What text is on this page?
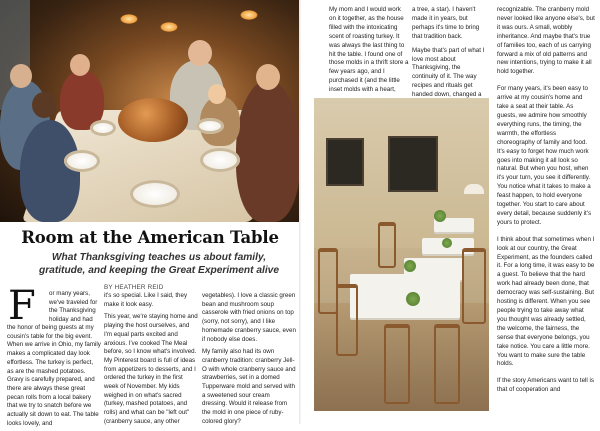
Room at the American Table
What Thanksgiving teaches us about family, gratitude, and keeping the Great Experiment alive
BY HEATHER REID
F or many years, we've traveled for the Thanksgiving holiday and had
the honor of being guests at my cousin's table for the big event. When we arrive in Ohio, my family makes a complicated day look effortless. The turkey is perfect, as are the mashed potatoes. Gravy is carefully prepared, and there are always these great pecan rolls from a local bakery that we try to snatch before we actually sit down to eat. The table looks lovely, and

it's so special. Like I said, they make it look easy.

This year, we're staying home and playing the host ourselves, and I'm equal parts excited and anxious. I've cooked The Meal before, so I know what's involved. My Pinterest board is full of ideas from appetizers to desserts, and I ordered the turkey in the first week of November. My kids weighed in on what's sacred (turkey, mashed potatoes, and rolls) and what can be "left out" (cranberry sauce, any other

vegetables). I love a classic green bean and mushroom soup casserole with fried onions on top (sorry, not sorry), and I like homemade cranberry sauce, even if nobody else does.

My family also had its own cranberry tradition: cranberry Jell-O with whole cranberry sauce and strawberries, set in a domed Tupperware mold and served with a sweetened sour cream dressing. Would it release from the mold in one piece of ruby-colored glory?

My mom and I would work on it together, as the house filled with the intoxicating scent of roasting turkey. It was always the last thing to hit the table. I found one of those molds in a thrift store a few years ago, and I purchased it (and the little inset molds with a heart,

a tree, a star). I haven't made it in years, but perhaps it's time to bring that tradition back.

Maybe that's part of what I love most about Thanksgiving, the continuity of it. The way recipes and rituals get handed down, changed a

recognizable. The cranberry mold never looked like anyone else's, but it was ours. A small, wobbly inheritance. And maybe that's true of families too, each of us carrying forward a mix of old patterns and new intentions, trying to make it all hold together.

For many years, it's been easy to arrive at my cousin's home and take a seat at their table. As guests, we admire how smoothly everything runs, the timing, the warmth, the effortless choreography of family and food. It's easy to forget how much work goes into making it all look so natural. But when you host, when it's your turn, you see it differently. You notice what it takes to make a feast happen, to hold everyone together. You start to care about every detail, because suddenly it's yours to protect.

I think about that sometimes when I look at our country, the Great Experiment, as the founders called it. For a long time, it was easy to be a guest. To believe that the hard work had already been done, that democracy was self-sustaining. But hosting is different. When you see people trying to take away what you thought was already settled, the welcome, the fairness, the sense that everyone belongs, you take notice. You care a little more. You want to make sure the table holds.

If the story Americans want to tell is that of cooperation and
